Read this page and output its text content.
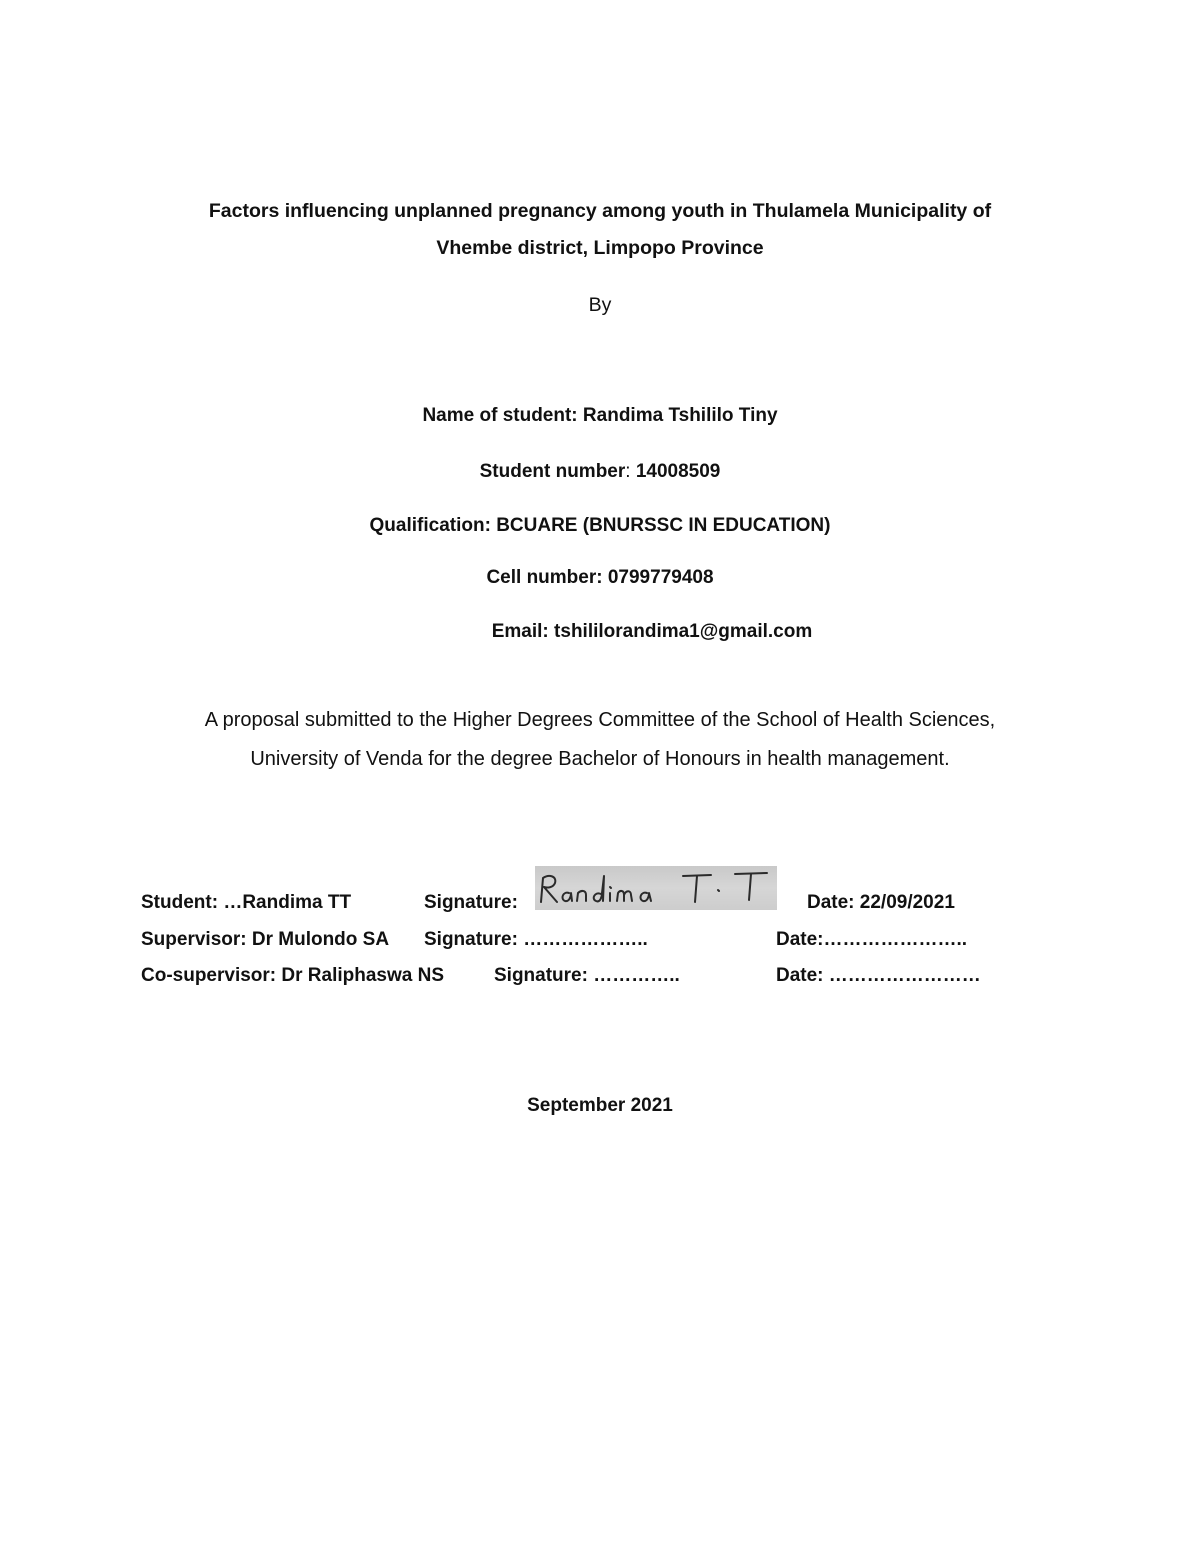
Factors influencing unplanned pregnancy among youth in Thulamela Municipality of
Vhembe district, Limpopo Province
By
Name of student: Randima Tshililo Tiny
Student number: 14008509
Qualification: BCUARE (BNURSSC IN EDUCATION)
Cell number: 0799779408
Email: tshililorandima1@gmail.com
A proposal submitted to the Higher Degrees Committee of the School of Health Sciences,
University of Venda for the degree Bachelor of Honours in health management.
Student: …Randima TT	Signature:	Date: 22/09/2021
Supervisor: Dr Mulondo SA Signature: ………………..	Date:…………………..
Co-supervisor: Dr Raliphaswa NS	Signature: …………..	Date: ……………………
September 2021
